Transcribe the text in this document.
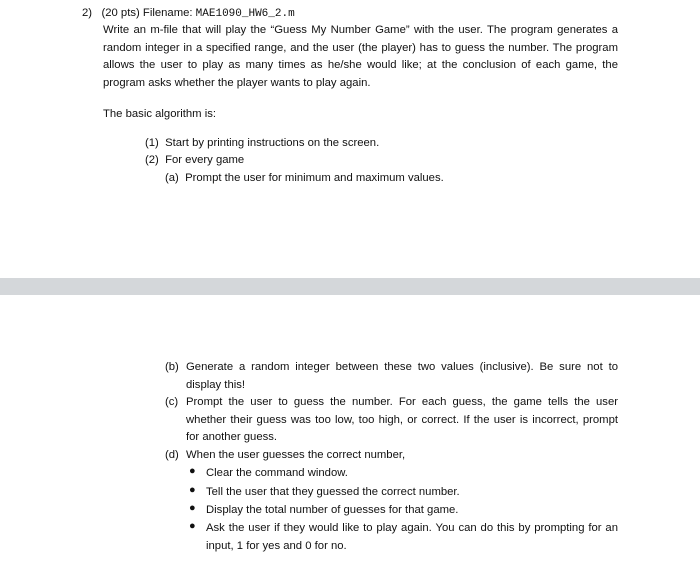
2) (20 pts) Filename: MAE1090_HW6_2.m
Write an m-file that will play the “Guess My Number Game” with the user. The program generates a random integer in a specified range, and the user (the player) has to guess the number. The program allows the user to play as many times as he/she would like; at the conclusion of each game, the program asks whether the player wants to play again.
The basic algorithm is:
(1) Start by printing instructions on the screen.
(2) For every game
(a) Prompt the user for minimum and maximum values.
(b) Generate a random integer between these two values (inclusive). Be sure not to display this!
(c) Prompt the user to guess the number. For each guess, the game tells the user whether their guess was too low, too high, or correct. If the user is incorrect, prompt for another guess.
(d) When the user guesses the correct number,
● Clear the command window.
● Tell the user that they guessed the correct number.
● Display the total number of guesses for that game.
● Ask the user if they would like to play again. You can do this by prompting for an input, 1 for yes and 0 for no.
